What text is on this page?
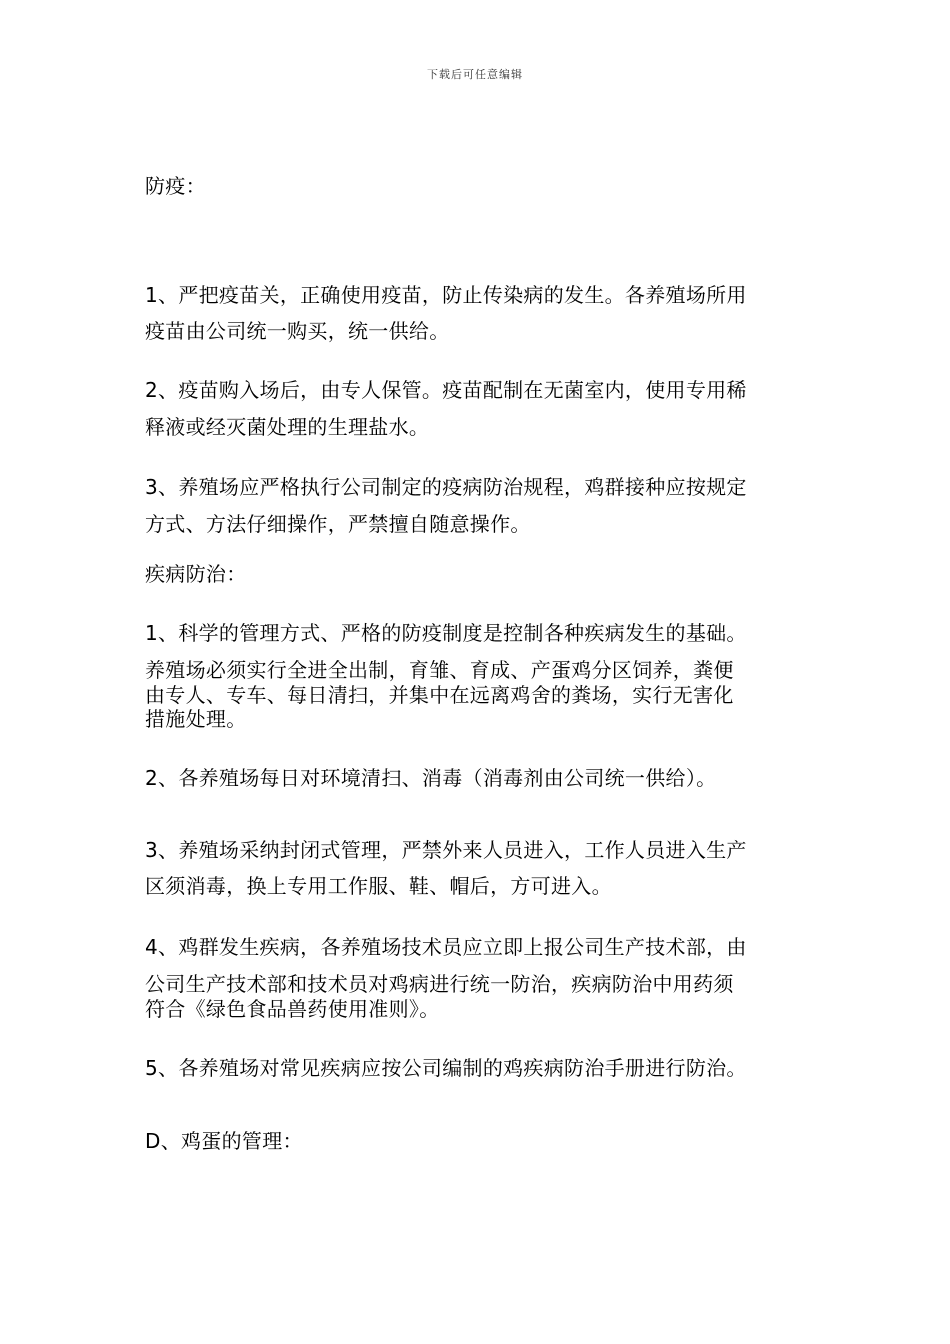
下载后可任意编辑
防疫：
1、严把疫苗关，正确使用疫苗，防止传染病的发生。各养殖场所用
疫苗由公司统一购买，统一供给。
2、疫苗购入场后，由专人保管。疫苗配制在无菌室内，使用专用稀
释液或经灭菌处理的生理盐水。
3、养殖场应严格执行公司制定的疫病防治规程，鸡群接种应按规定
方式、方法仔细操作，严禁擅自随意操作。
疾病防治：
1、科学的管理方式、严格的防疫制度是控制各种疾病发生的基础。
养殖场必须实行全进全出制，育雏、育成、产蛋鸡分区饲养，粪便
由专人、专车、每日清扫，并集中在远离鸡舍的粪场，实行无害化
措施处理。
2、各养殖场每日对环境清扫、消毒（消毒剂由公司统一供给）。
3、养殖场采纳封闭式管理，严禁外来人员进入，工作人员进入生产
区须消毒，换上专用工作服、鞋、帽后，方可进入。
4、鸡群发生疾病，各养殖场技术员应立即上报公司生产技术部，由
公司生产技术部和技术员对鸡病进行统一防治，疾病防治中用药须
符合《绿色食品兽药使用准则》。
5、各养殖场对常见疾病应按公司编制的鸡疾病防治手册进行防治。
D、鸡蛋的管理：
